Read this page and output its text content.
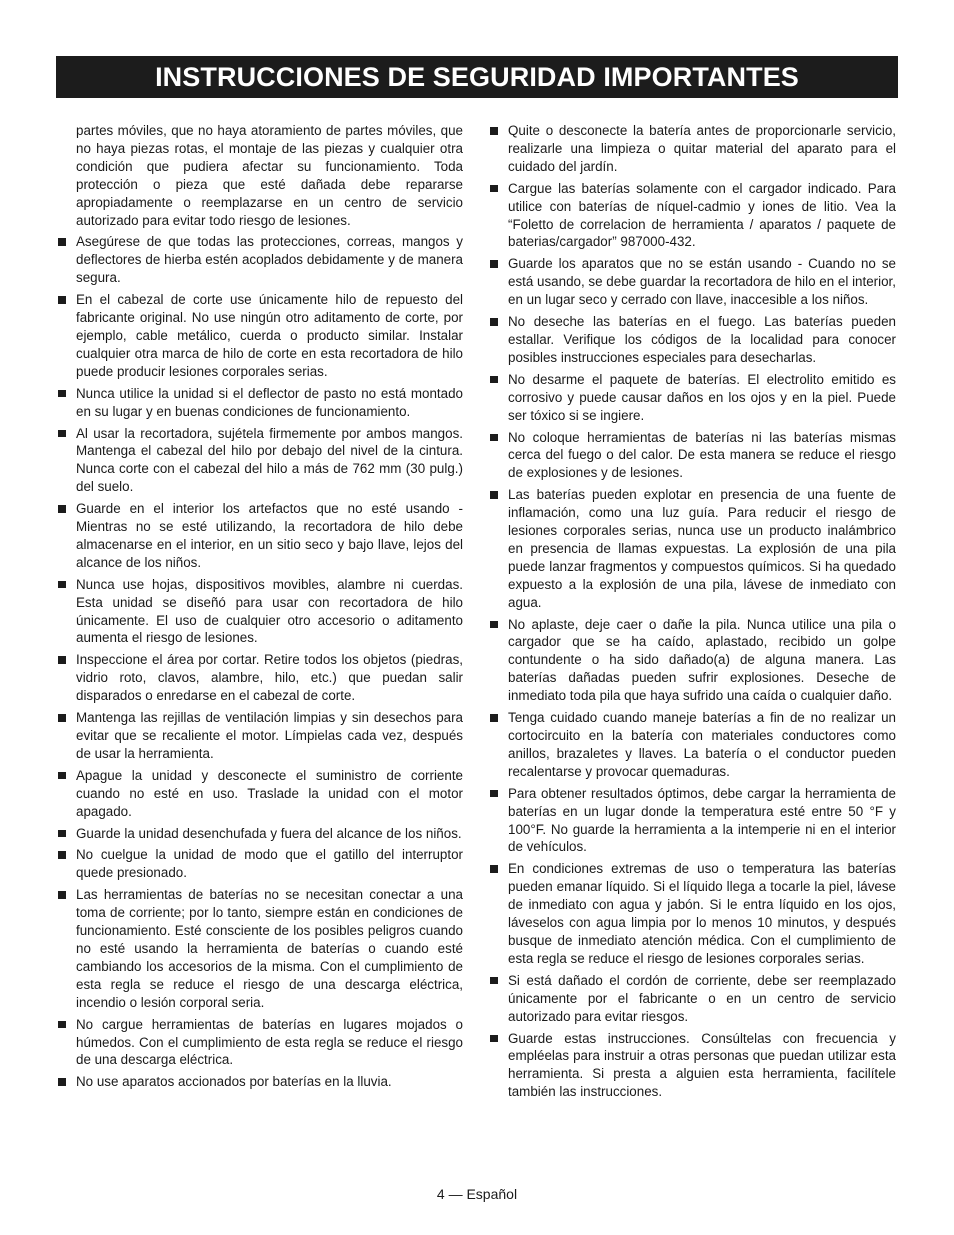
INSTRUCCIONES DE SEGURIDAD IMPORTANTES

partes móviles, que no haya atoramiento de partes móviles, que no haya piezas rotas, el montaje de las piezas y cualquier otra condición que pudiera afectar su funcionamiento. Toda protección o pieza que esté dañada debe repararse apropiadamente o reemplazarse en un centro de servicio autorizado para evitar todo riesgo de lesiones.

Asegúrese de que todas las protecciones, correas, mangos y deflectores de hierba estén acoplados debidamente y de manera segura.
En el cabezal de corte use únicamente hilo de repuesto del fabricante original. No use ningún otro aditamento de corte, por ejemplo, cable metálico, cuerda o producto similar. Instalar cualquier otra marca de hilo de corte en esta recortadora de hilo puede producir lesiones corporales serias.
Nunca utilice la unidad si el deflector de pasto no está montado en su lugar y en buenas condiciones de funcionamiento.
Al usar la recortadora, sujétela firmemente por ambos mangos. Mantenga el cabezal del hilo por debajo del nivel de la cintura. Nunca corte con el cabezal del hilo a más de 762 mm (30 pulg.) del suelo.
Guarde en el interior los artefactos que no esté usando - Mientras no se esté utilizando, la recortadora de hilo debe almacenarse en el interior, en un sitio seco y bajo llave, lejos del alcance de los niños.
Nunca use hojas, dispositivos movibles, alambre ni cuerdas. Esta unidad se diseñó para usar con recortadora de hilo únicamente. El uso de cualquier otro accesorio o aditamento aumenta el riesgo de lesiones.
Inspeccione el área por cortar. Retire todos los objetos (piedras, vidrio roto, clavos, alambre, hilo, etc.) que puedan salir disparados o enredarse en el cabezal de corte.
Mantenga las rejillas de ventilación limpias y sin desechos para evitar que se recaliente el motor. Límpielas cada vez, después de usar la herramienta.
Apague la unidad y desconecte el suministro de corriente cuando no esté en uso. Traslade la unidad con el motor apagado.
Guarde la unidad desenchufada y fuera del alcance de los niños.
No cuelgue la unidad de modo que el gatillo del interruptor quede presionado.
Las herramientas de baterías no se necesitan conectar a una toma de corriente; por lo tanto, siempre están en condiciones de funcionamiento. Esté consciente de los posibles peligros cuando no esté usando la herramienta de baterías o cuando esté cambiando los accesorios de la misma. Con el cumplimiento de esta regla se reduce el riesgo de una descarga eléctrica, incendio o lesión corporal seria.
No cargue herramientas de baterías en lugares mojados o húmedos. Con el cumplimiento de esta regla se reduce el riesgo de una descarga eléctrica.
No use aparatos accionados por baterías en la lluvia.
Quite o desconecte la batería antes de proporcionarle servicio, realizarle una limpieza o quitar material del aparato para el cuidado del jardín.
Cargue las baterías solamente con el cargador indicado. Para utilice con baterías de níquel-cadmio y iones de litio. Vea la “Foletto de correlacion de herramienta / aparatos / paquete de baterias/cargador” 987000-432.
Guarde los aparatos que no se están usando - Cuando no se está usando, se debe guardar la recortadora de hilo en el interior, en un lugar seco y cerrado con llave, inaccesible a los niños.
No deseche las baterías en el fuego. Las baterías pueden estallar. Verifique los códigos de la localidad para conocer posibles instrucciones especiales para desecharlas.
No desarme el paquete de baterías. El electrolito emitido es corrosivo y puede causar daños en los ojos y en la piel. Puede ser tóxico si se ingiere.
No coloque herramientas de baterías ni las baterías mismas cerca del fuego o del calor. De esta manera se reduce el riesgo de explosiones y de lesiones.
Las baterías pueden explotar en presencia de una fuente de inflamación, como una luz guía. Para reducir el riesgo de lesiones corporales serias, nunca use un producto inalámbrico en presencia de llamas expuestas. La explosión de una pila puede lanzar fragmentos y compuestos químicos. Si ha quedado expuesto a la explosión de una pila, lávese de inmediato con agua.
No aplaste, deje caer o dañe la pila. Nunca utilice una pila o cargador que se ha caído, aplastado, recibido un golpe contundente o ha sido dañado(a) de alguna manera. Las baterías dañadas pueden sufrir explosiones. Deseche de inmediato toda pila que haya sufrido una caída o cualquier daño.
Tenga cuidado cuando maneje baterías a fin de no realizar un cortocircuito en la batería con materiales conductores como anillos, brazaletes y llaves. La batería o el conductor pueden recalentarse y provocar quemaduras.
Para obtener resultados óptimos, debe cargar la herramienta de baterías en un lugar donde la temperatura esté entre 50 °F y 100°F. No guarde la herramienta a la intemperie ni en el interior de vehículos.
En condiciones extremas de uso o temperatura las baterías pueden emanar líquido. Si el líquido llega a tocarle la piel, lávese de inmediato con agua y jabón. Si le entra líquido en los ojos, láveselos con agua limpia por lo menos 10 minutos, y después busque de inmediato atención médica. Con el cumplimiento de esta regla se reduce el riesgo de lesiones corporales serias.
Si está dañado el cordón de corriente, debe ser reemplazado únicamente por el fabricante o en un centro de servicio autorizado para evitar riesgos.
Guarde estas instrucciones. Consúltelas con frecuencia y empléelas para instruir a otras personas que puedan utilizar esta herramienta. Si presta a alguien esta herramienta, facilítele también las instrucciones.
4 — Español
